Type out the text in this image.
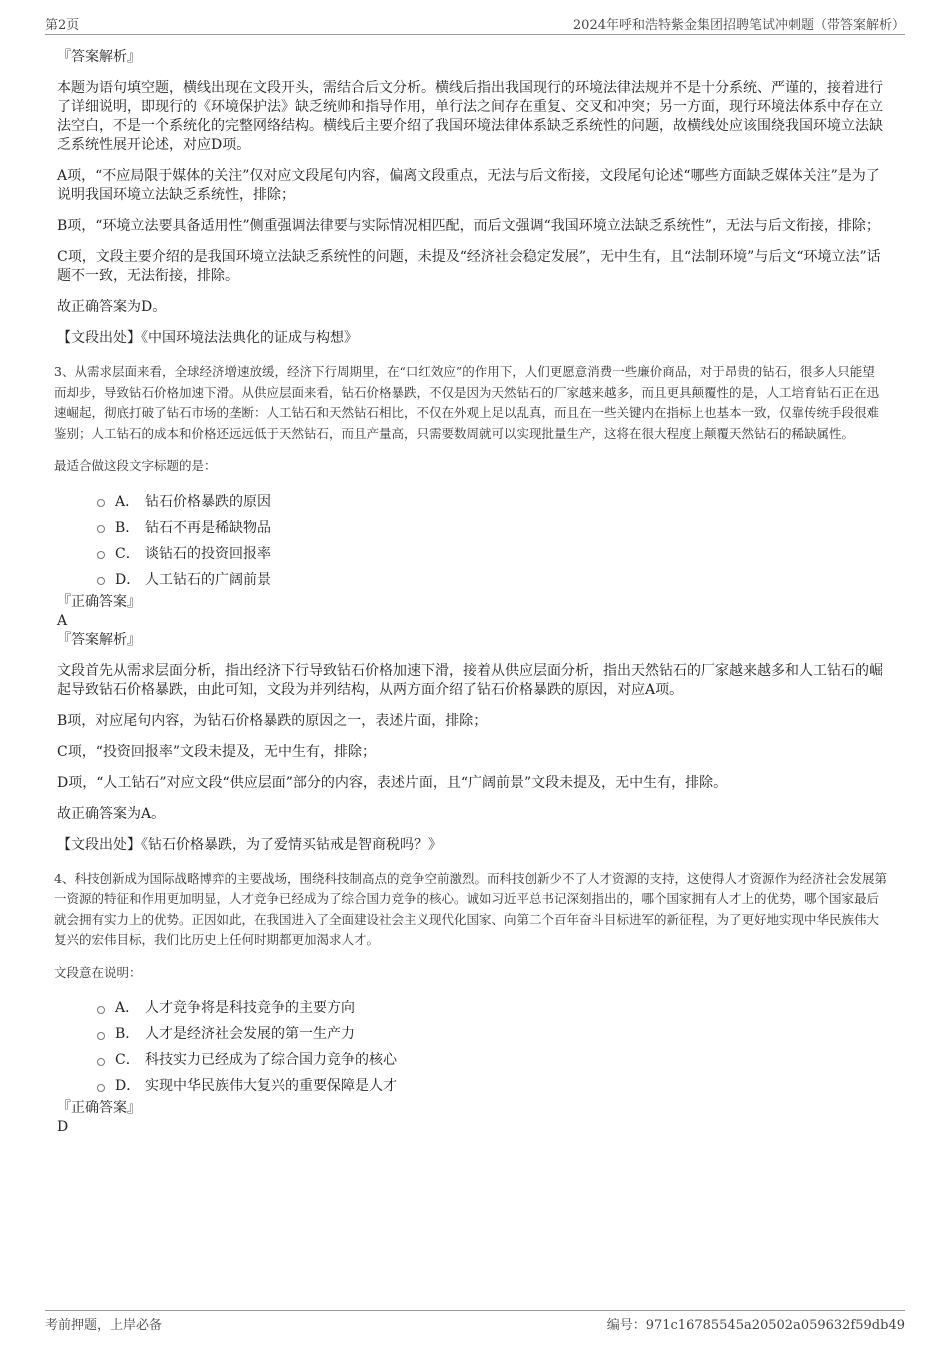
第2页	2024年呼和浩特紫金集团招聘笔试冲刺题（带答案解析）

『答案解析』

本题为语句填空题，横线出现在文段开头，需结合后文分析。横线后指出我国现行的环境法律法规并不是十分系统、严谨的，接着进行了详细说明，即现行的《环境保护法》缺乏统帅和指导作用，单行法之间存在重复、交叉和冲突；另一方面，现行环境法体系中存在立法空白，不是一个系统化的完整网络结构。横线后主要介绍了我国环境法律体系缺乏系统性的问题，故横线处应该围绕我国环境立法缺乏系统性展开论述，对应D项。

A项，“不应局限于媒体的关注”仅对应文段尾句内容，偏离文段重点，无法与后文衔接，文段尾句论述“哪些方面缺乏媒体关注”是为了说明我国环境立法缺乏系统性，排除；

B项，“环境立法要具备适用性”侧重强调法律要与实际情况相匹配，而后文强调“我国环境立法缺乏系统性”，无法与后文衔接，排除；

C项，文段主要介绍的是我国环境立法缺乏系统性的问题，未提及“经济社会稳定发展”，无中生有，且“法制环境”与后文“环境立法”话题不一致，无法衔接，排除。

故正确答案为D。

【文段出处】《中国环境法法典化的证成与构想》

3、从需求层面来看，全球经济增速放缓，经济下行周期里，在“口红效应”的作用下，人们更愿意消费一些廉价商品，对于昂贵的钻石，很多人只能望而却步，导致钻石价格加速下滑。从供应层面来看，钻石价格暴跌，不仅是因为天然钻石的厂家越来越多，而且更具颠覆性的是，人工培育钻石正在迅速崛起，彻底打破了钻石市场的垄断：人工钻石和天然钻石相比，不仅在外观上足以乱真，而且在一些关键内在指标上也基本一致，仅靠传统手段很难鉴别；人工钻石的成本和价格还远远低于天然钻石，而且产量高，只需要数周就可以实现批量生产，这将在很大程度上颠覆天然钻石的稀缺属性。

最适合做这段文字标题的是：

A． 钻石价格暴跌的原因
B． 钻石不再是稀缺物品
C． 谈钻石的投资回报率
D． 人工钻石的广阔前景

『正确答案』

A

『答案解析』

文段首先从需求层面分析，指出经济下行导致钻石价格加速下滑，接着从供应层面分析，指出天然钻石的厂家越来越多和人工钻石的崛起导致钻石价格暴跌，由此可知，文段为并列结构，从两方面介绍了钻石价格暴跌的原因，对应A项。

B项，对应尾句内容，为钻石价格暴跌的原因之一，表述片面，排除；

C项，“投资回报率”文段未提及，无中生有，排除；

D项，“人工钻石”对应文段“供应层面”部分的内容，表述片面，且“广阔前景”文段未提及，无中生有，排除。

故正确答案为A。

【文段出处】《钻石价格暴跌，为了爱情买钻戒是智商税吗？》

4、科技创新成为国际战略博弈的主要战场，围绕科技制高点的竞争空前激烈。而科技创新少不了人才资源的支持，这使得人才资源作为经济社会发展第一资源的特征和作用更加明显，人才竞争已经成为了综合国力竞争的核心。诚如习近平总书记深刻指出的，哪个国家拥有人才上的优势，哪个国家最后就会拥有实力上的优势。正因如此，在我国进入了全面建设社会主义现代化国家、向第二个百年奋斗目标进军的新征程，为了更好地实现中华民族伟大复兴的宏伟目标，我们比历史上任何时期都更加渴求人才。

文段意在说明：

A． 人才竞争将是科技竞争的主要方向
B． 人才是经济社会发展的第一生产力
C． 科技实力已经成为了综合国力竞争的核心
D． 实现中华民族伟大复兴的重要保障是人才

『正确答案』

D

考前押题，上岸必备	编号：971c16785545a20502a059632f59db49
